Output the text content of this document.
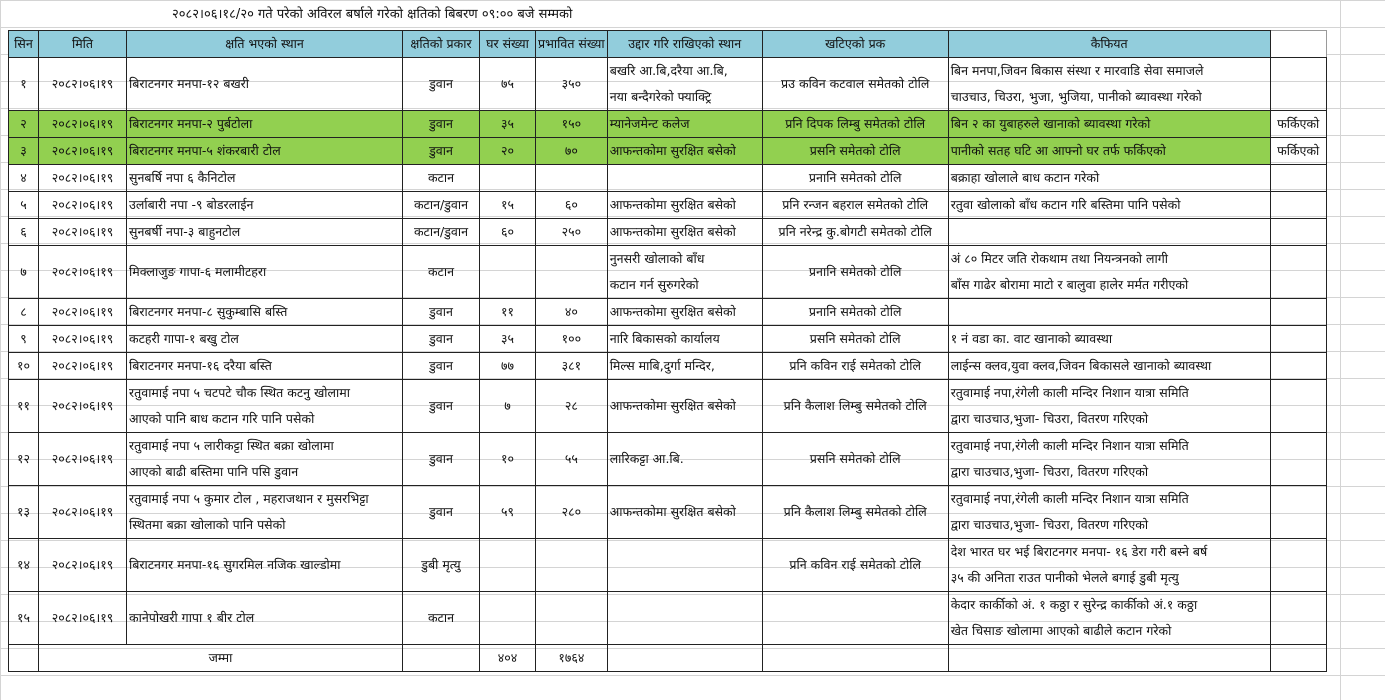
२०८२।०६।१८/२० गते परेको अविरल बर्षाले गरेको क्षतिको बिबरण ०९:०० बजे सम्मको
सिन	मिति	क्षति भएको स्थान	क्षतिको प्रकार	घर संख्या	प्रभावित संख्या	उद्दार गरि राखिएको स्थान	खटिएको प्रक	कैफियत	
१	२०८२।०६।१९	बिराटनगर मनपा-१२ बखरी	डुवान	७५	३५०	बखरि आ.बि,दरैया आ.बि,
नया बन्दैगरेको फ्याक्ट्रि	प्रउ कविन कटवाल समेतको टोलि	बिन मनपा,जिवन बिकास संस्था र मारवाडि सेवा समाजले
चाउचाउ, चिउरा, भुजा, भुजिया, पानीको ब्यावस्था गरेको	

२	२०८२।०६।१९	बिराटनगर मनपा-२ पुर्बटोला	डुवान	३५	१५०	म्यानेजमेन्ट कलेज	प्रनि दिपक लिम्बु समेतको टोलि	बिन २ का युबाहरुले खानाको ब्यावस्था गरेको	फर्किएको
३	२०८२।०६।१९	बिराटनगर मनपा-५ शंकरबारी टोल	डुवान	२०	७०	आफन्तकोमा सुरक्षित बसेको	प्रसनि समेतको टोलि	पानीको सतह घटि आ आफ्नो घर तर्फ फर्किएको	फर्किएको
४	२०८२।०६।१९	सुनबर्षि नपा ६ कैनिटोल	कटान				प्रनानि समेतको टोलि	बक्राहा खोलाले बाध कटान गरेको	

५	२०८२।०६।१९	उर्लाबारी नपा -९ बोडरलाईन	कटान/डुवान	१५	६०	आफन्तकोमा सुरक्षित बसेको	प्रनि रन्जन बहराल समेतको टोलि	रतुवा खोलाको बाँध कटान गरि बस्तिमा पानि पसेको	

६	२०८२।०६।१९	सुनबर्षी नपा-३ बाहुनटोल	कटान/डुवान	६०	२५०	आफन्तकोमा सुरक्षित बसेको	प्रनि नरेन्द्र कु.बोगटी समेतको टोलि	

७	२०८२।०६।१९	मिक्लाजुङ गापा-६ मलामीटहरा	कटान			नुनसरी खोलाको बाँध
कटान गर्न सुरुगरेको	प्रनानि समेतको टोलि	अं ८० मिटर जति रोकथाम तथा नियन्त्रनको लागी
बाँस गाढेर बोरामा माटो र बालुवा हालेर मर्मत गरीएको	

८	२०८२।०६।१९	बिराटनगर मनपा-८ सुकुम्बासि बस्ति	डुवान	११	४०	आफन्तकोमा सुरक्षित बसेको	प्रनानि समेतको टोलि	

९	२०८२।०६।१९	कटहरी गापा-१ बखु टोल	डुवान	३५	१००	नारि बिकासको कार्यालय	प्रसनि समेतको टोलि	१ नं वडा का. वाट खानाको ब्यावस्था	

१०	२०८२।०६।१९	बिराटनगर मनपा-१६ दरैया बस्ति	डुवान	७७	३८१	मिल्स माबि,दुर्गा मन्दिर,	प्रनि कविन राई समेतको टोलि	लाईन्स क्लव,युवा क्लव,जिवन बिकासले खानाको ब्यावस्था	

११	२०८२।०६।१९	रतुवामाई नपा ५ चटपटे चौक स्थित कटनु खोलामा
आएको पानि बाध कटान गरि पानि पसेको	डुवान	७	२८	आफन्तकोमा सुरक्षित बसेको	प्रनि कैलाश लिम्बु समेतको टोलि	रतुवामाई नपा,रंगेली काली मन्दिर निशान यात्रा समिति
द्वारा चाउचाउ,भुजा- चिउरा, वितरण गरिएको	

१२	२०८२।०६।१९	रतुवामाई नपा ५ लारीकट्टा स्थित बक्रा खोलामा
आएको बाढी बस्तिमा पानि पसि डुवान	डुवान	१०	५५	लारिकट्टा आ.बि.	प्रसनि समेतको टोलि	रतुवामाई नपा,रंगेली काली मन्दिर निशान यात्रा समिति
द्वारा चाउचाउ,भुजा- चिउरा, वितरण गरिएको	

१३	२०८२।०६।१९	रतुवामाई नपा ५ कुमार टोल , महराजथान र मुसरभिट्टा
स्थितमा बक्रा खोलाको पानि पसेको	डुवान	५९	२८०	आफन्तकोमा सुरक्षित बसेको	प्रनि कैलाश लिम्बु समेतको टोलि	रतुवामाई नपा,रंगेली काली मन्दिर निशान यात्रा समिति
द्वारा चाउचाउ,भुजा- चिउरा, वितरण गरिएको	

१४	२०८२।०६।१९	बिराटनगर मनपा-१६ सुगरमिल नजिक खाल्डोमा	डुबी मृत्यु				प्रनि कविन राई समेतको टोलि	देश भारत घर भई बिराटनगर मनपा- १६ डेरा गरी बस्ने बर्ष
३५ की अनिता राउत पानीको भेलले बगाई डुबी मृत्यु	

१५	२०८२।०६।१९	कानेपोखरी गापा १ बीर टोल	कटान					केदार कार्कीको अं. १ कठ्ठा र सुरेन्द्र कार्कीको अं.१ कठ्ठा
खेत चिसाङ खोलामा आएको बाढीले कटान गरेको	

	जम्मा			४०४	१७६४				
